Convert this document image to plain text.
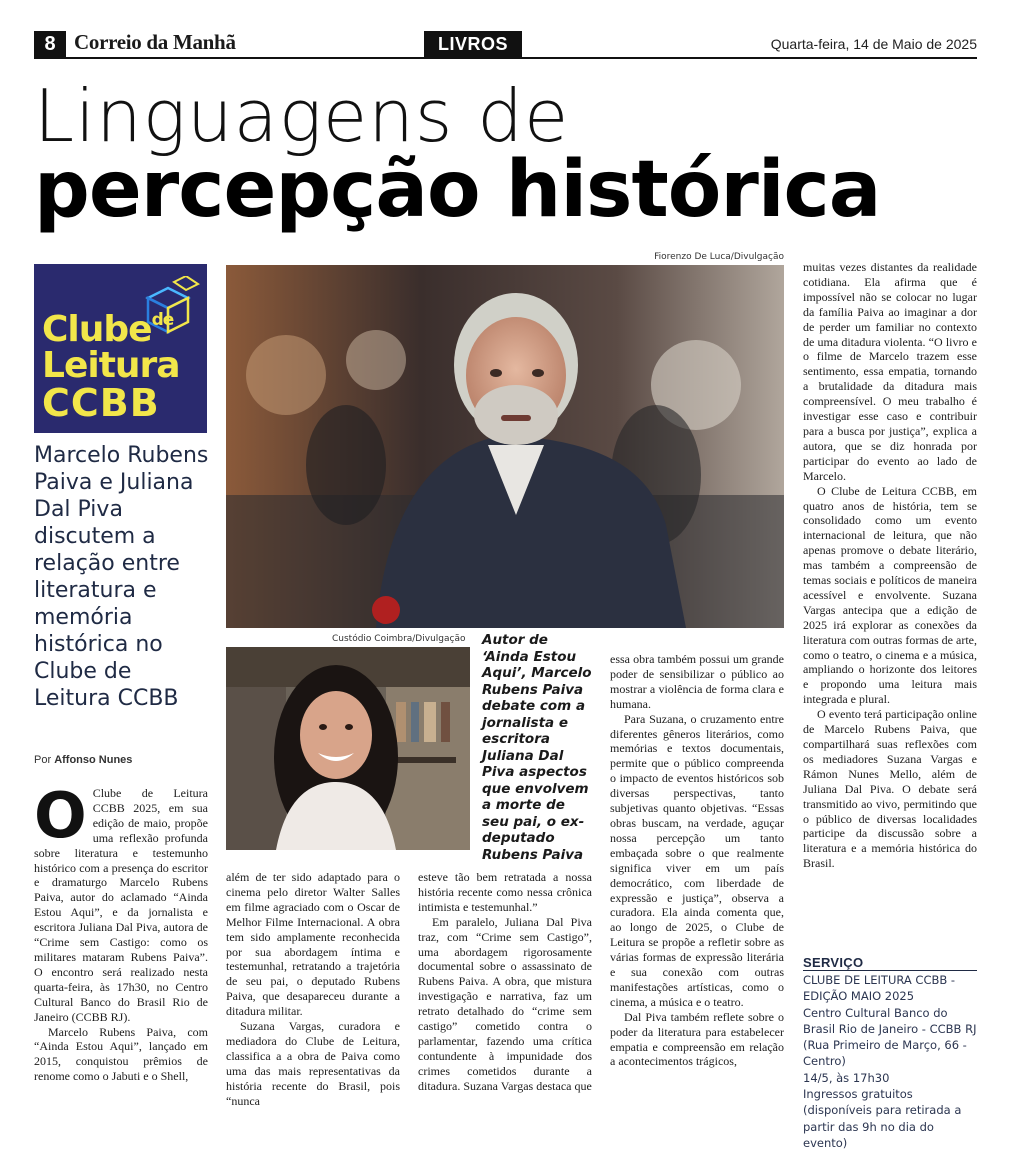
8 Correio da Manhã	LIVROS	Quarta-feira, 14 de Maio de 2025
Linguagens de
percepção histórica
Clube$^{de}$
Leitura
CCBB
Marcelo Rubens Paiva e Juliana Dal Piva discutem a relação entre literatura e memória histórica no Clube de Leitura CCBB
Por Affonso Nunes
Fiorenzo De Luca/Divulgação
Custódio Coimbra/Divulgação Autor de ‘Ainda Estou Aqui’, Marcelo Rubens Paiva debate com a jornalista e escritora Juliana Dal Piva aspectos que envolvem a morte de seu pai, o ex-deputado Rubens Paiva

O Clube de Leitura CCBB 2025, em sua edição de maio, propõe uma reflexão profunda sobre literatura e testemunho histórico com a presença do escritor e dramaturgo Marcelo Rubens Paiva, autor do aclamado “Ainda Estou Aqui”, e da jornalista e escritora Juliana Dal Piva, autora de “Crime sem Castigo: como os militares mataram Rubens Paiva”. O encontro será realizado nesta quarta-feira, às 17h30, no Centro Cultural Banco do Brasil Rio de Janeiro (CCBB RJ).

Marcelo Rubens Paiva, com “Ainda Estou Aqui”, lançado em 2015, conquistou prêmios de renome como o Jabuti e o Shell,

além de ter sido adaptado para o cinema pelo diretor Walter Salles em filme agraciado com o Oscar de Melhor Filme Internacional. A obra tem sido amplamente reconhecida por sua abordagem íntima e testemunhal, retratando a trajetória de seu pai, o deputado Rubens Paiva, que desapareceu durante a ditadura militar.

Suzana Vargas, curadora e mediadora do Clube de Leitura, classifica a a obra de Paiva como uma das mais representativas da história recente do Brasil, pois “nunca

esteve tão bem retratada a nossa história recente como nessa crônica intimista e testemunhal.”

Em paralelo, Juliana Dal Piva traz, com “Crime sem Castigo”, uma abordagem rigorosamente documental sobre o assassinato de Rubens Paiva. A obra, que mistura investigação e narrativa, faz um retrato detalhado do “crime sem castigo” cometido contra o parlamentar, fazendo uma crítica contundente à impunidade dos crimes cometidos durante a ditadura. Suzana Vargas destaca que

essa obra também possui um grande poder de sensibilizar o público ao mostrar a violência de forma clara e humana.

Para Suzana, o cruzamento entre diferentes gêneros literários, como memórias e textos documentais, permite que o público compreenda o impacto de eventos históricos sob diversas perspectivas, tanto subjetivas quanto objetivas. “Essas obras buscam, na verdade, aguçar nossa percepção um tanto embaçada sobre o que realmente significa viver em um país democrático, com liberdade de expressão e justiça”, observa a curadora. Ela ainda comenta que, ao longo de 2025, o Clube de Leitura se propõe a refletir sobre as várias formas de expressão literária e sua conexão com outras manifestações artísticas, como o cinema, a música e o teatro.

Dal Piva também reflete sobre o poder da literatura para estabelecer empatia e compreensão em relação a acontecimentos trágicos,

muitas vezes distantes da realidade cotidiana. Ela afirma que é impossível não se colocar no lugar da família Paiva ao imaginar a dor de perder um familiar no contexto de uma ditadura violenta. “O livro e o filme de Marcelo trazem esse sentimento, essa empatia, tornando a brutalidade da ditadura mais compreensível. O meu trabalho é investigar esse caso e contribuir para a busca por justiça”, explica a autora, que se diz honrada por participar do evento ao lado de Marcelo.

O Clube de Leitura CCBB, em quatro anos de história, tem se consolidado como um evento internacional de leitura, que não apenas promove o debate literário, mas também a compreensão de temas sociais e políticos de maneira acessível e envolvente. Suzana Vargas antecipa que a edição de 2025 irá explorar as conexões da literatura com outras formas de arte, como o teatro, o cinema e a música, ampliando o horizonte dos leitores e propondo uma leitura mais integrada e plural.

O evento terá participação online de Marcelo Rubens Paiva, que compartilhará suas reflexões com os mediadores Suzana Vargas e Rámon Nunes Mello, além de Juliana Dal Piva. O debate será transmitido ao vivo, permitindo que o público de diversas localidades participe da discussão sobre a literatura e a memória histórica do Brasil.

SERVIÇO

CLUBE DE LEITURA CCBB - EDIÇÃO MAIO 2025

Centro Cultural Banco do Brasil Rio de Janeiro - CCBB RJ (Rua Primeiro de Março, 66 - Centro)

14/5, às 17h30

Ingressos gratuitos (disponíveis para retirada a partir das 9h no dia do evento)
